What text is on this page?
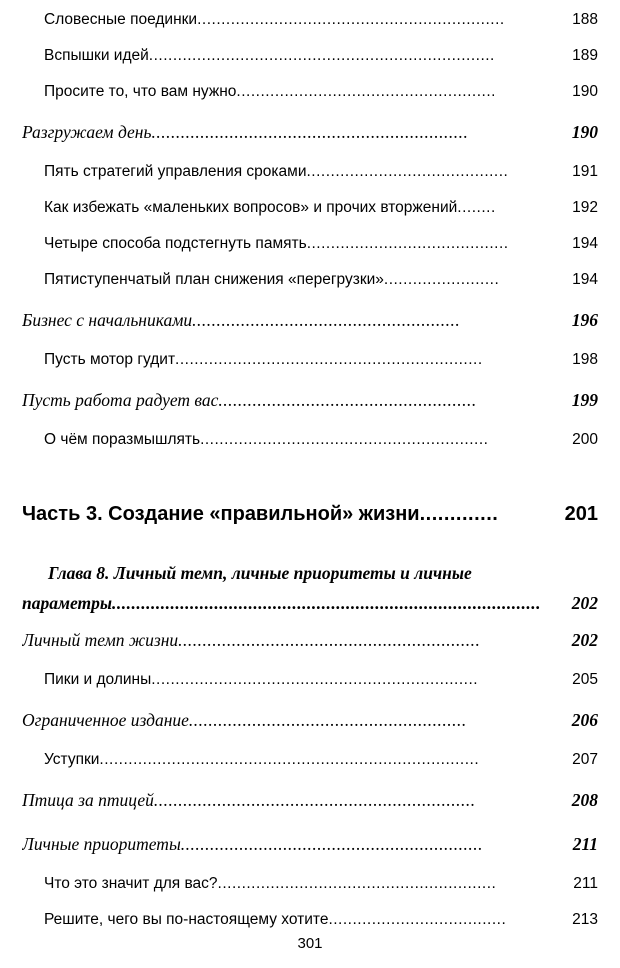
Словесные поединки ................................................................	188
Вспышки идей ........................................................................	189
Просите то, что вам нужно ......................................................	190
Разгружаем день .................................................................	190
Пять стратегий управления сроками ..........................................	191
Как избежать «маленьких вопросов» и прочих вторжений ........	192
Четыре способа подстегнуть память ..........................................	194
Пятиступенчатый план снижения «перегрузки» ........................	194
Бизнес с начальниками .......................................................	196
Пусть мотор гудит ................................................................	198
Пусть работа радует вас .....................................................	199
О чём поразмышлять ............................................................	200
Часть 3. Создание «правильной» жизни .............	201
Глава 8. Личный темп, личные приоритеты и личные
параметры ........................................................................................	202
Личный темп жизни ..............................................................	202
Пики и долины ....................................................................	205
Ограниченное издание .........................................................	206
Уступки ...............................................................................	207
Птица за птицей ..................................................................	208
Личные приоритеты ..............................................................	211
Что это значит для вас? ..........................................................	211
Решите, чего вы по-настоящему хотите .....................................	213
301
